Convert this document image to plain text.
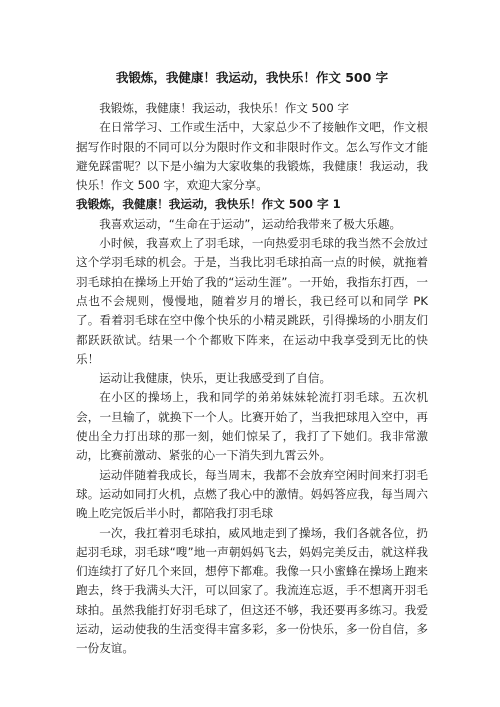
我锻炼，我健康！我运动，我快乐！作文 500 字

我锻炼，我健康！我运动，我快乐！作文 500 字

在日常学习、工作或生活中，大家总少不了接触作文吧，作文根据写作时限的不同可以分为限时作文和非限时作文。怎么写作文才能避免踩雷呢？以下是小编为大家收集的我锻炼，我健康！我运动，我快乐！作文 500 字，欢迎大家分享。

我锻炼，我健康！我运动，我快乐！作文 500 字 1

我喜欢运动，“生命在于运动”，运动给我带来了极大乐趣。

小时候，我喜欢上了羽毛球，一向热爱羽毛球的我当然不会放过这个学羽毛球的机会。于是，当我比羽毛球拍高一点的时候，就拖着羽毛球拍在操场上开始了我的“运动生涯”。一开始，我指东打西，一点也不会规则，慢慢地，随着岁月的增长，我已经可以和同学 PK 了。看着羽毛球在空中像个快乐的小精灵跳跃，引得操场的小朋友们都跃跃欲试。结果一个个都败下阵来，在运动中我享受到无比的快乐！

运动让我健康，快乐，更让我感受到了自信。

在小区的操场上，我和同学的弟弟妹妹轮流打羽毛球。五次机会，一旦输了，就换下一个人。比赛开始了，当我把球甩入空中，再使出全力打出球的那一刻，她们惊呆了，我打了下她们。我非常激动，比赛前激动、紧张的心一下消失到九霄云外。

运动伴随着我成长，每当周末，我都不会放弃空闲时间来打羽毛球。运动如同打火机，点燃了我心中的激情。妈妈答应我，每当周六晚上吃完饭后半小时，都陪我打羽毛球

一次，我扛着羽毛球拍，威风地走到了操场，我们各就各位，扔起羽毛球，羽毛球“嗖”地一声朝妈妈飞去，妈妈完美反击，就这样我们连续打了好几个来回，想停下都难。我像一只小蜜蜂在操场上跑来跑去，终于我满头大汗，可以回家了。我流连忘返，手不想离开羽毛球拍。虽然我能打好羽毛球了，但这还不够，我还要再多练习。我爱运动，运动使我的生活变得丰富多彩，多一份快乐，多一份自信，多一份友谊。
